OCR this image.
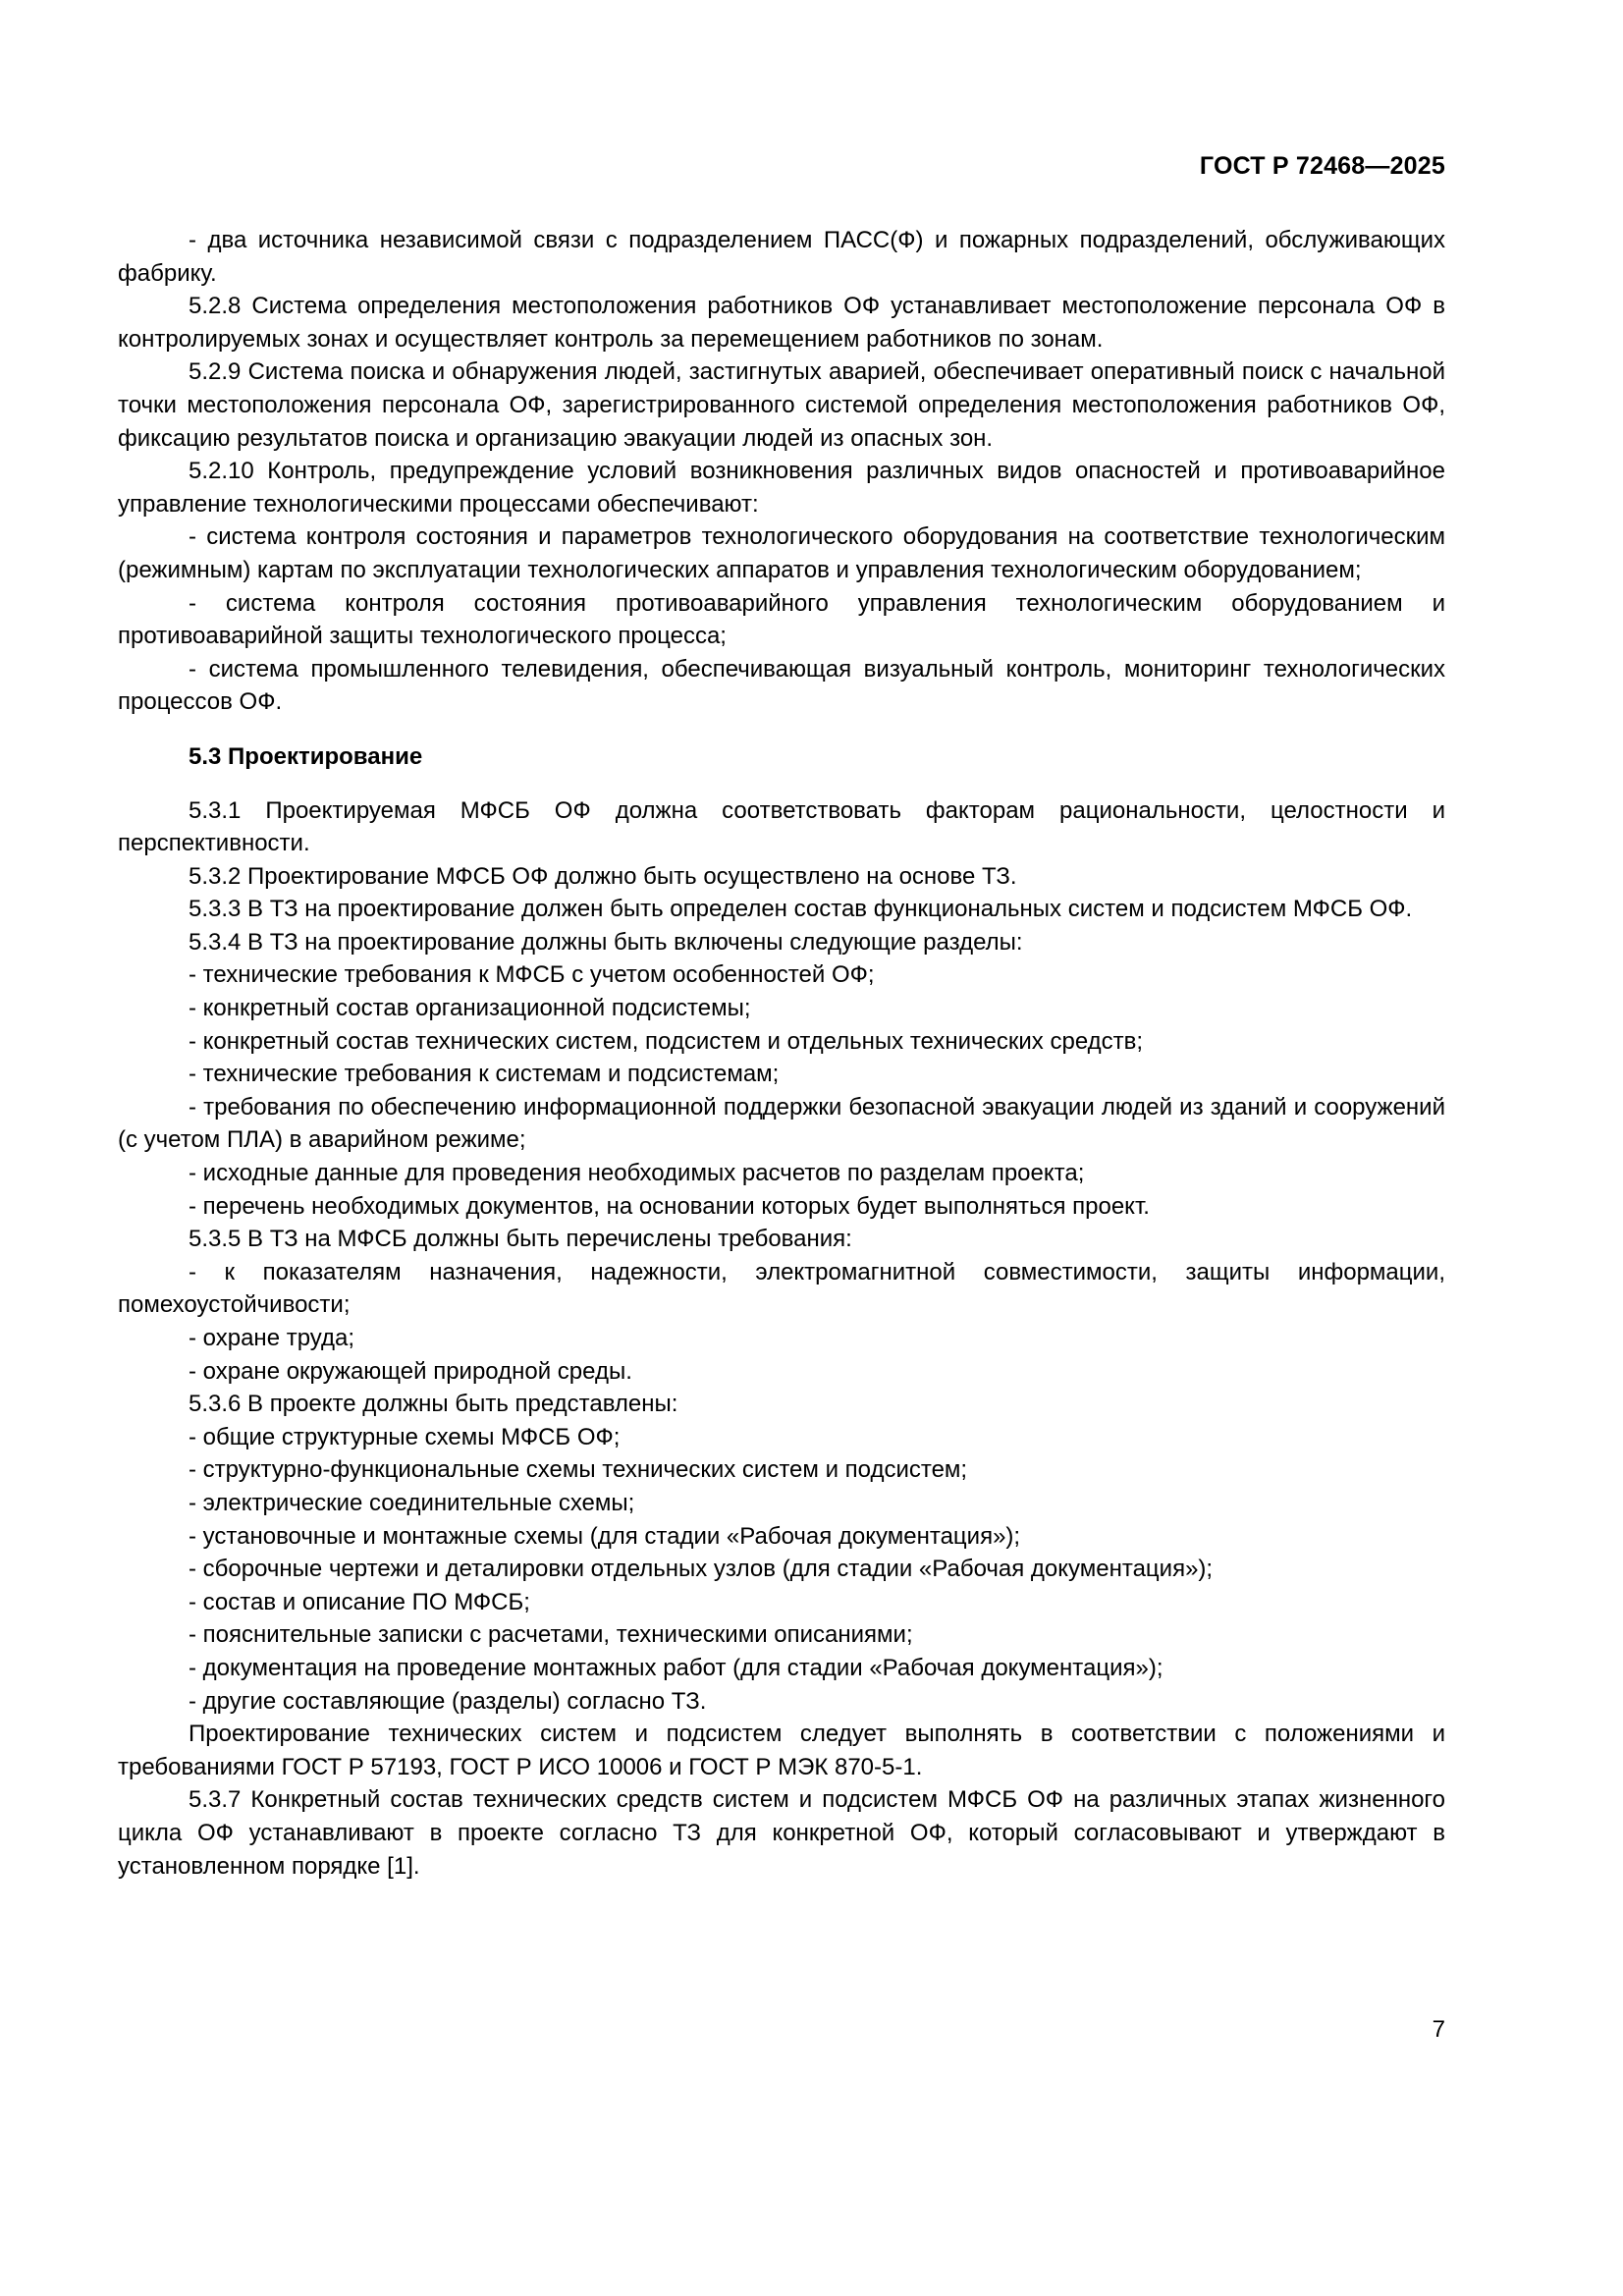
ГОСТ Р 72468—2025

- два источника независимой связи с подразделением ПАСС(Ф) и пожарных подразделений, обслуживающих фабрику.

5.2.8 Система определения местоположения работников ОФ устанавливает местоположение персонала ОФ в контролируемых зонах и осуществляет контроль за перемещением работников по зонам.

5.2.9 Система поиска и обнаружения людей, застигнутых аварией, обеспечивает оперативный поиск с начальной точки местоположения персонала ОФ, зарегистрированного системой определения местоположения работников ОФ, фиксацию результатов поиска и организацию эвакуации людей из опасных зон.

5.2.10 Контроль, предупреждение условий возникновения различных видов опасностей и противоаварийное управление технологическими процессами обеспечивают:

- система контроля состояния и параметров технологического оборудования на соответствие технологическим (режимным) картам по эксплуатации технологических аппаратов и управления технологическим оборудованием;

- система контроля состояния противоаварийного управления технологическим оборудованием и противоаварийной защиты технологического процесса;

- система промышленного телевидения, обеспечивающая визуальный контроль, мониторинг технологических процессов ОФ.

5.3 Проектирование

5.3.1 Проектируемая МФСБ ОФ должна соответствовать факторам рациональности, целостности и перспективности.

5.3.2 Проектирование МФСБ ОФ должно быть осуществлено на основе ТЗ.

5.3.3 В ТЗ на проектирование должен быть определен состав функциональных систем и подсистем МФСБ ОФ.

5.3.4 В ТЗ на проектирование должны быть включены следующие разделы:

- технические требования к МФСБ с учетом особенностей ОФ;

- конкретный состав организационной подсистемы;

- конкретный состав технических систем, подсистем и отдельных технических средств;

- технические требования к системам и подсистемам;

- требования по обеспечению информационной поддержки безопасной эвакуации людей из зданий и сооружений (с учетом ПЛА) в аварийном режиме;

- исходные данные для проведения необходимых расчетов по разделам проекта;

- перечень необходимых документов, на основании которых будет выполняться проект.

5.3.5 В ТЗ на МФСБ должны быть перечислены требования:

- к показателям назначения, надежности, электромагнитной совместимости, защиты информации, помехоустойчивости;

- охране труда;

- охране окружающей природной среды.

5.3.6 В проекте должны быть представлены:

- общие структурные схемы МФСБ ОФ;

- структурно-функциональные схемы технических систем и подсистем;

- электрические соединительные схемы;

- установочные и монтажные схемы (для стадии «Рабочая документация»);

- сборочные чертежи и деталировки отдельных узлов (для стадии «Рабочая документация»);

- состав и описание ПО МФСБ;

- пояснительные записки с расчетами, техническими описаниями;

- документация на проведение монтажных работ (для стадии «Рабочая документация»);

- другие составляющие (разделы) согласно ТЗ.

Проектирование технических систем и подсистем следует выполнять в соответствии с положениями и требованиями ГОСТ Р 57193, ГОСТ Р ИСО 10006 и ГОСТ Р МЭК 870-5-1.

5.3.7 Конкретный состав технических средств систем и подсистем МФСБ ОФ на различных этапах жизненного цикла ОФ устанавливают в проекте согласно ТЗ для конкретной ОФ, который согласовывают и утверждают в установленном порядке [1].

7
